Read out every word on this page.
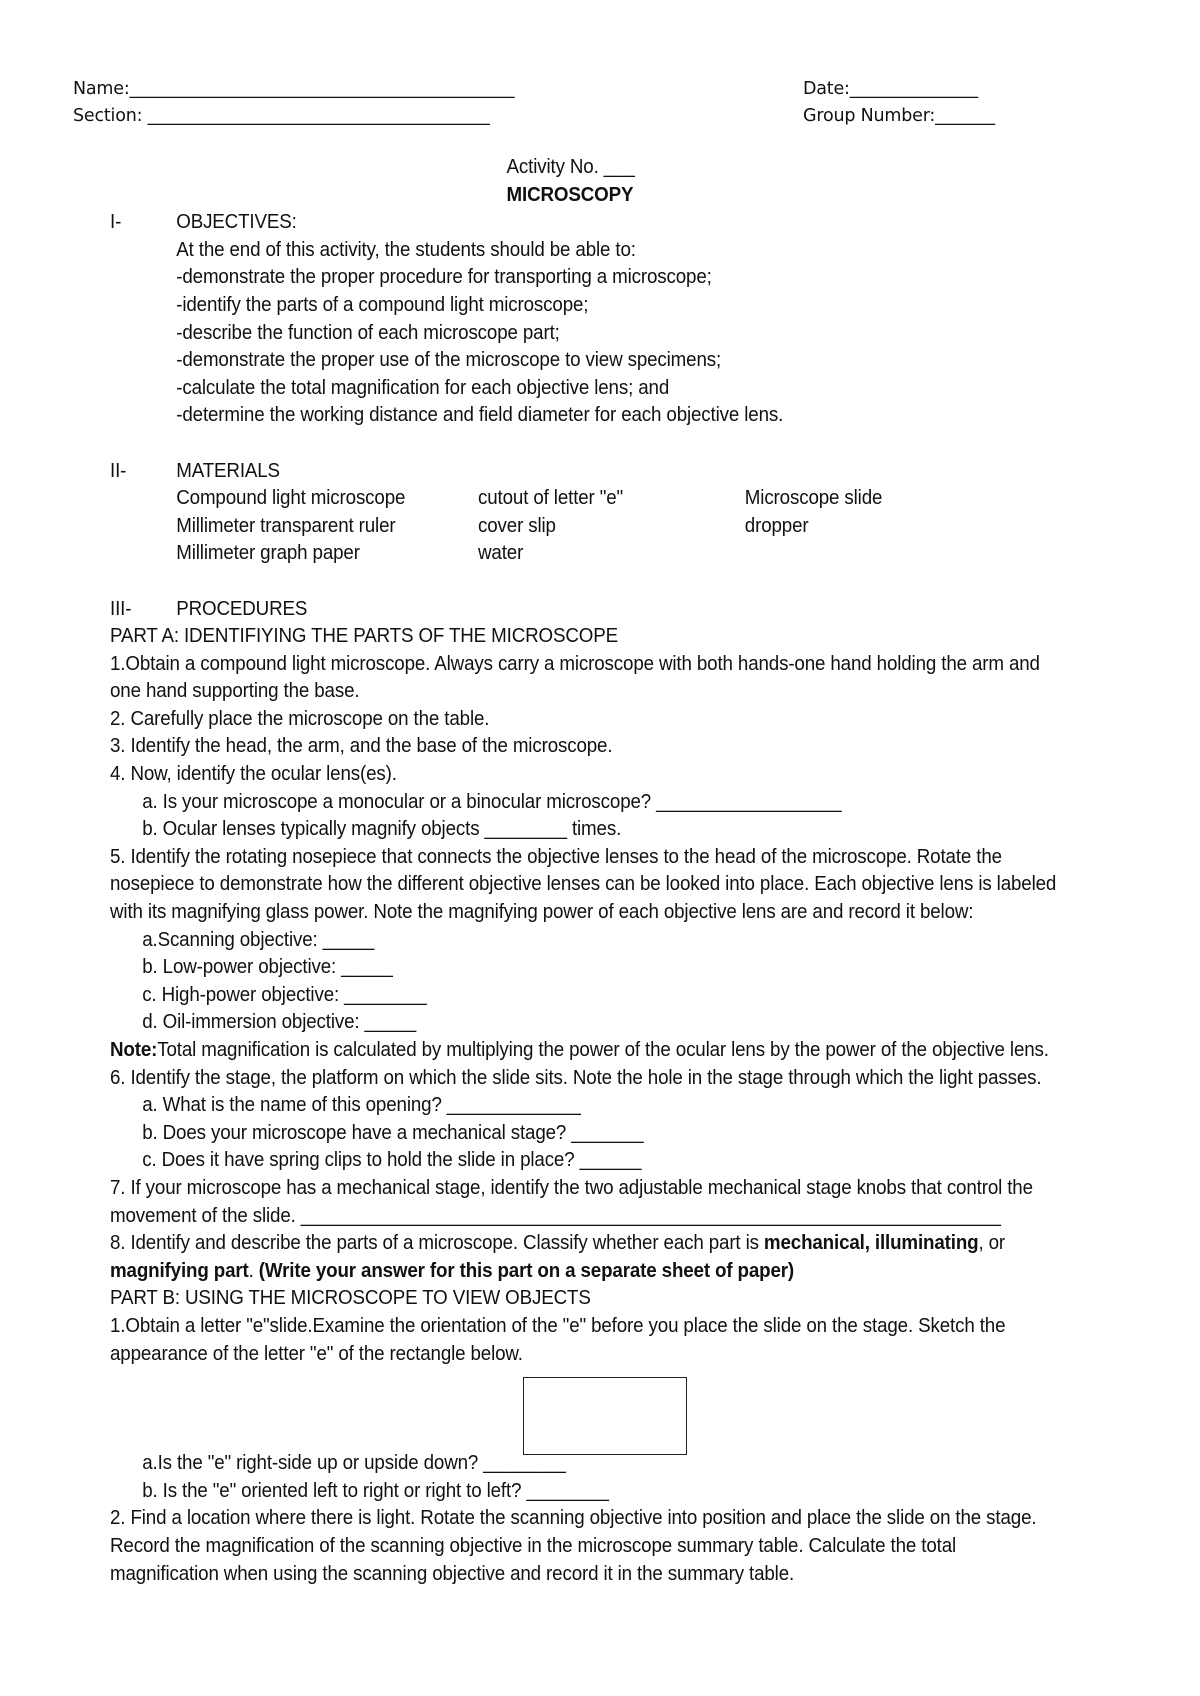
Name:_____________________________________________	Date:_______________
Section: ________________________________________	Group Number:_______
Activity No. ___
MICROSCOPY
I-	OBJECTIVES:
At the end of this activity, the students should be able to:
-demonstrate the proper procedure for transporting a microscope;
-identify the parts of a compound light microscope;
-describe the function of each microscope part;
-demonstrate the proper use of the microscope to view specimens;
-calculate the total magnification for each objective lens; and
-determine the working distance and field diameter for each objective lens.
II- MATERIALS
Compound light microscope	cutout of letter "e"	Microscope slide
Millimeter transparent ruler	cover slip	dropper
Millimeter graph paper	water
III- PROCEDURES
PART A: IDENTIFIYING THE PARTS OF THE MICROSCOPE
1.Obtain a compound light microscope. Always carry a microscope with both hands-one hand holding the arm and
one hand supporting the base.
2. Carefully place the microscope on the table.
3. Identify the head, the arm, and the base of the microscope.
4. Now, identify the ocular lens(es).
a. Is your microscope a monocular or a binocular microscope? __________________
b. Ocular lenses typically magnify objects ________ times.
5. Identify the rotating nosepiece that connects the objective lenses to the head of the microscope. Rotate the
nosepiece to demonstrate how the different objective lenses can be looked into place. Each objective lens is labeled
with its magnifying glass power. Note the magnifying power of each objective lens are and record it below:
a.Scanning objective: _____
b. Low-power objective: _____
c. High-power objective: ________
d. Oil-immersion objective: _____
Note:Total magnification is calculated by multiplying the power of the ocular lens by the power of the objective lens.
6. Identify the stage, the platform on which the slide sits. Note the hole in the stage through which the light passes.
a. What is the name of this opening? _____________
b. Does your microscope have a mechanical stage? _______
c. Does it have spring clips to hold the slide in place? ______
7. If your microscope has a mechanical stage, identify the two adjustable mechanical stage knobs that control the
movement of the slide. ____________________________________________________________________
8. Identify and describe the parts of a microscope. Classify whether each part is mechanical, illuminating, or
magnifying part. (Write your answer for this part on a separate sheet of paper)
PART B: USING THE MICROSCOPE TO VIEW OBJECTS
1.Obtain a letter "e"slide.Examine the orientation of the "e" before you place the slide on the stage. Sketch the
appearance of the letter "e" of the rectangle below.
a.Is the "e" right-side up or upside down? ________
b. Is the "e" oriented left to right or right to left? ________
2. Find a location where there is light. Rotate the scanning objective into position and place the slide on the stage.
Record the magnification of the scanning objective in the microscope summary table. Calculate the total
magnification when using the scanning objective and record it in the summary table.
